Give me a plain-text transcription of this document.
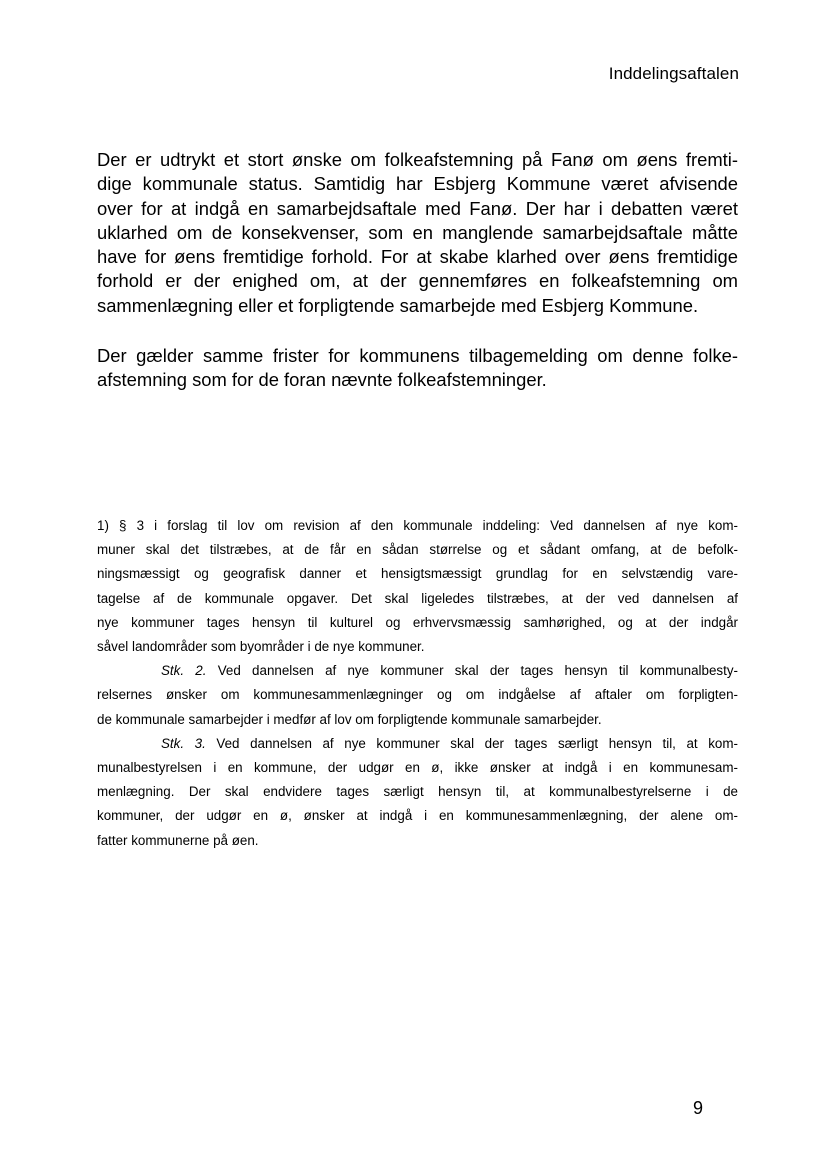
Inddelingsaftalen
Der er udtrykt et stort ønske om folkeafstemning på Fanø om øens fremti-
dige kommunale status. Samtidig har Esbjerg Kommune været afvisende
over for at indgå en samarbejdsaftale med Fanø. Der har i debatten været
uklarhed om de konsekvenser, som en manglende samarbejdsaftale måtte
have for øens fremtidige forhold. For at skabe klarhed over øens fremtidige
forhold er der enighed om, at der gennemføres en folkeafstemning om
sammenlægning eller et forpligtende samarbejde med Esbjerg Kommune.
Der gælder samme frister for kommunens tilbagemelding om denne folke-
afstemning som for de foran nævnte folkeafstemninger.
1) § 3 i forslag til lov om revision af den kommunale inddeling: Ved dannelsen af nye kom-
muner skal det tilstræbes, at de får en sådan størrelse og et sådant omfang, at de befolk-
ningsmæssigt og geografisk danner et hensigtsmæssigt grundlag for en selvstændig vare-
tagelse af de kommunale opgaver. Det skal ligeledes tilstræbes, at der ved dannelsen af
nye kommuner tages hensyn til kulturel og erhvervsmæssig samhørighed, og at der indgår
såvel landområder som byområder i de nye kommuner.
Stk. 2. Ved dannelsen af nye kommuner skal der tages hensyn til kommunalbesty-
relsernes ønsker om kommunesammenlægninger og om indgåelse af aftaler om forpligten-
de kommunale samarbejder i medfør af lov om forpligtende kommunale samarbejder.
Stk. 3. Ved dannelsen af nye kommuner skal der tages særligt hensyn til, at kom-
munalbestyrelsen i en kommune, der udgør en ø, ikke ønsker at indgå i en kommunesam-
menlægning. Der skal endvidere tages særligt hensyn til, at kommunalbestyrelserne i de
kommuner, der udgør en ø, ønsker at indgå i en kommunesammenlægning, der alene om-
fatter kommunerne på øen.
9
